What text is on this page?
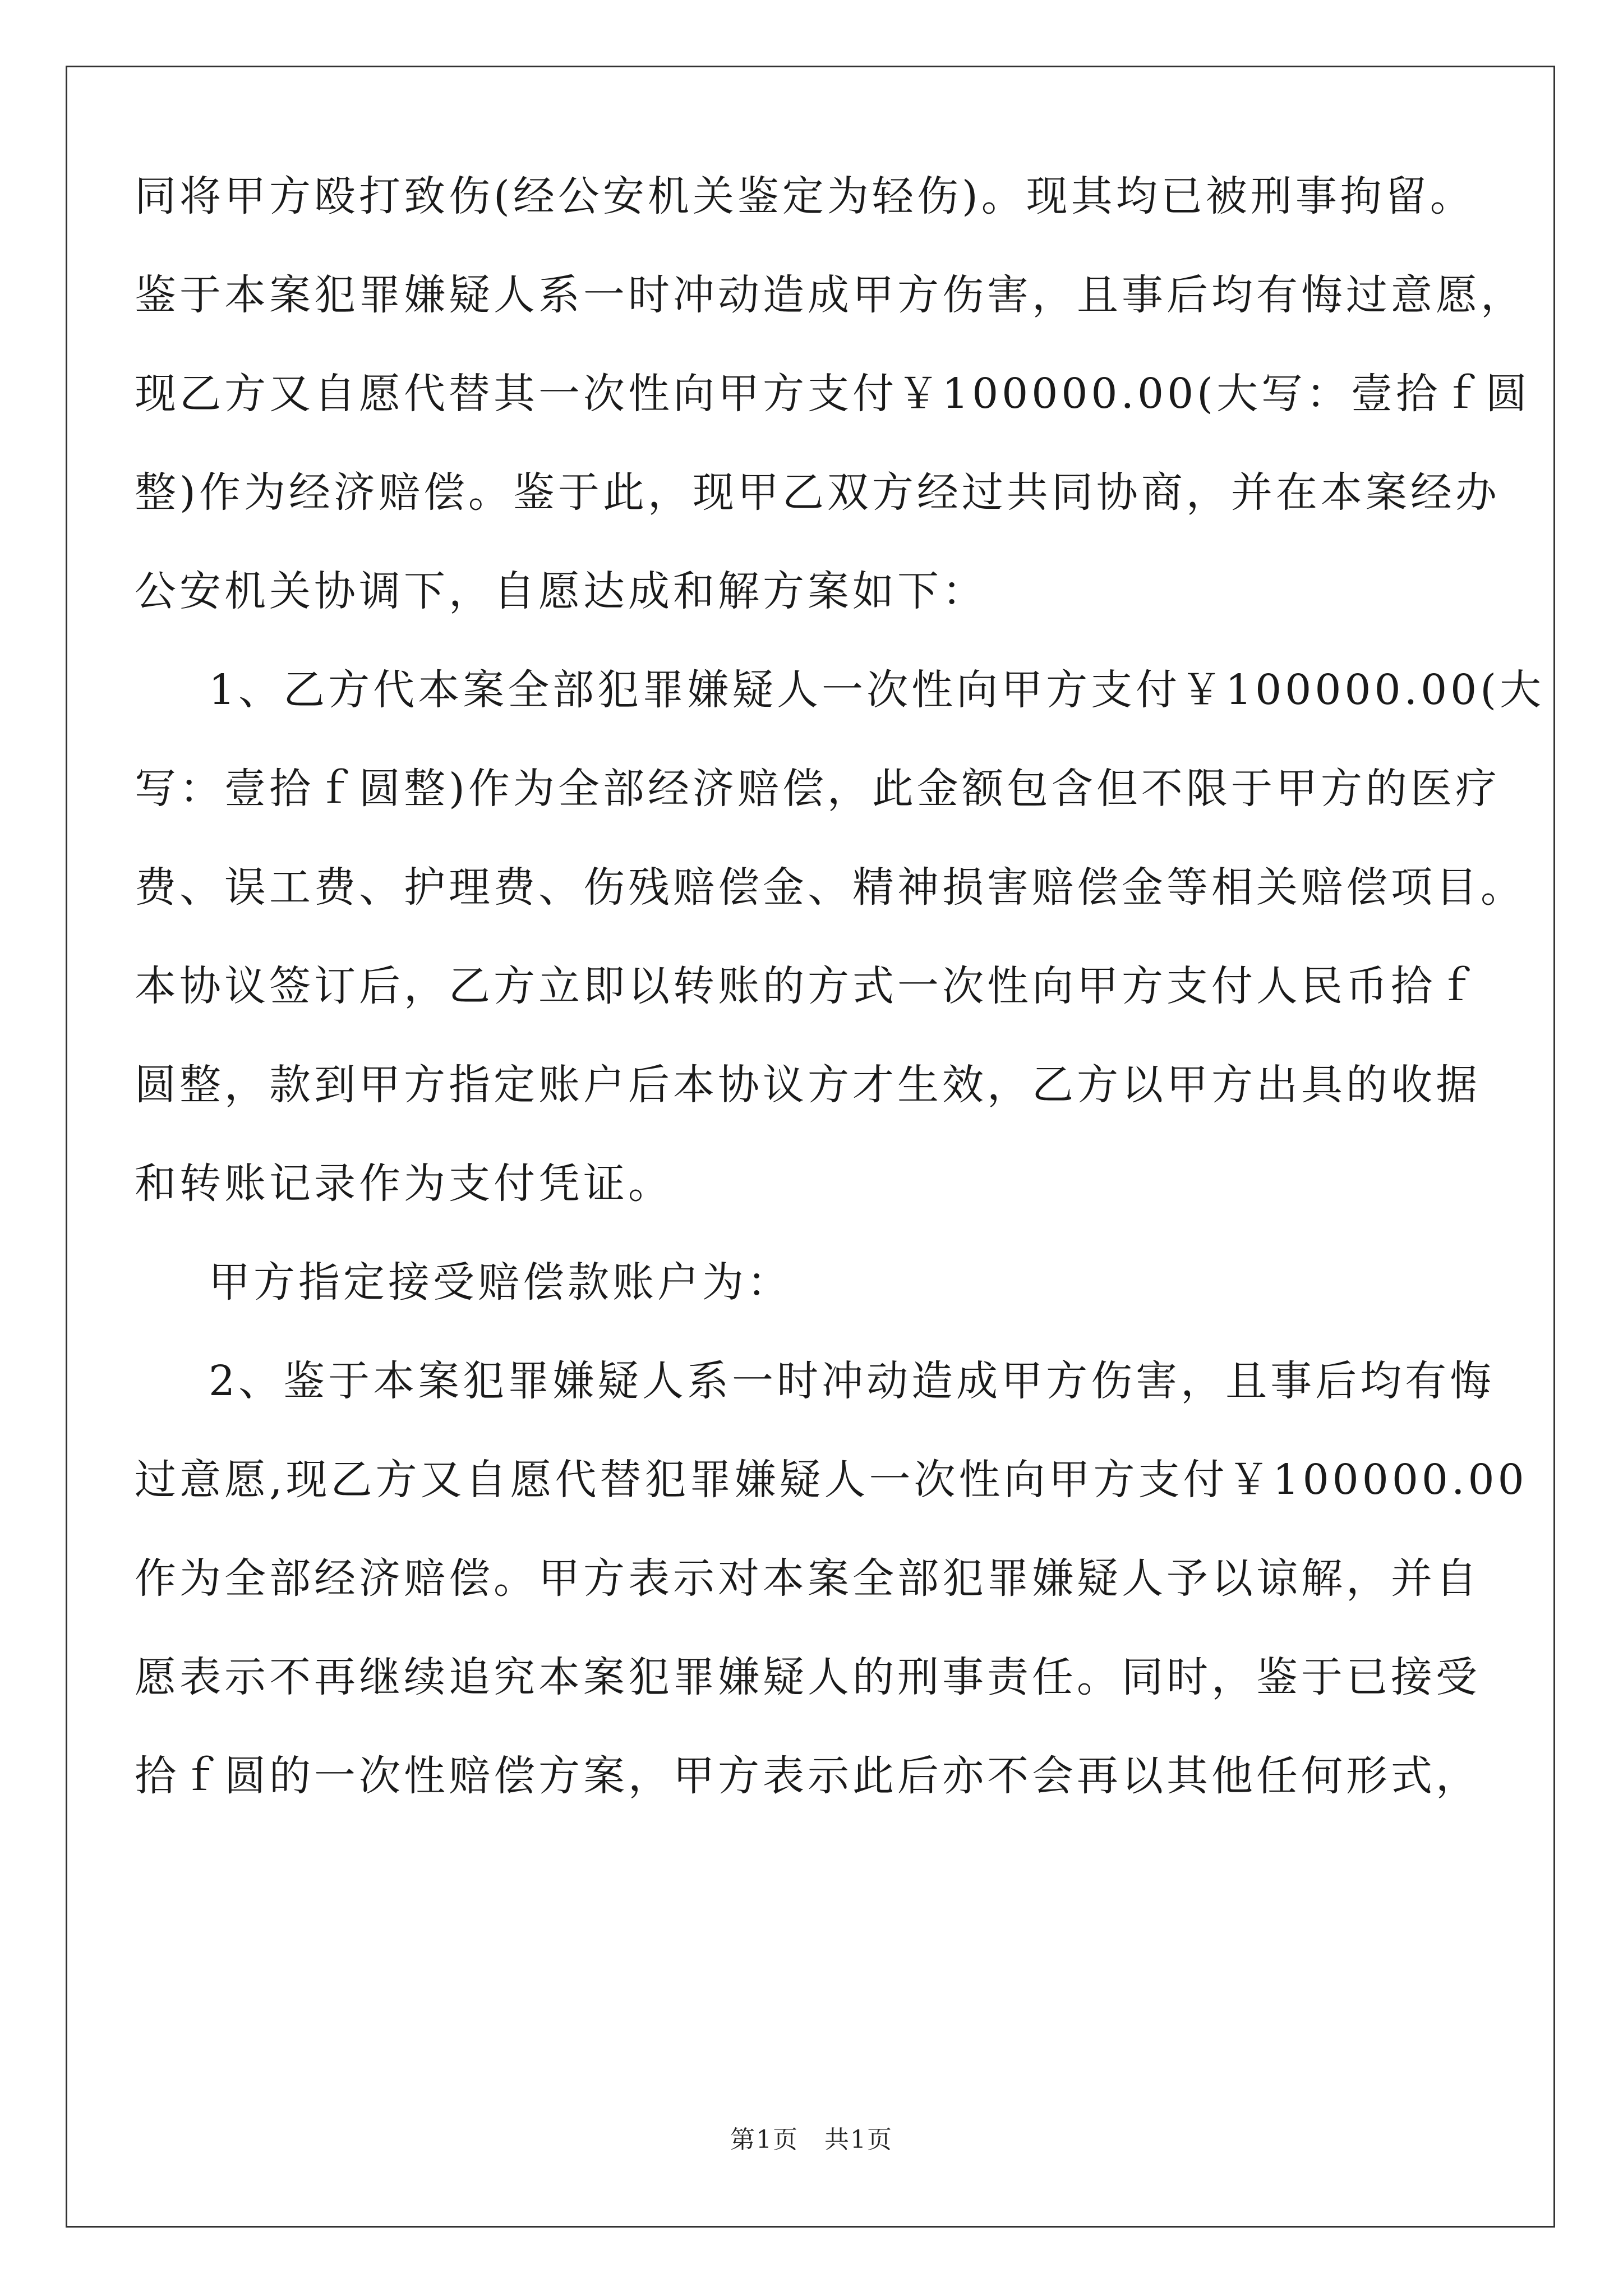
同将甲方殴打致伤(经公安机关鉴定为轻伤)。现其均已被刑事拘留。
鉴于本案犯罪嫌疑人系一时冲动造成甲方伤害，且事后均有悔过意愿，
现乙方又自愿代替其一次性向甲方支付￥100000.00(大写：壹拾ｆ圆
整)作为经济赔偿。鉴于此，现甲乙双方经过共同协商，并在本案经办
公安机关协调下，自愿达成和解方案如下：
1、乙方代本案全部犯罪嫌疑人一次性向甲方支付￥100000.00(大
写：壹拾ｆ圆整)作为全部经济赔偿，此金额包含但不限于甲方的医疗
费、误工费、护理费、伤残赔偿金、精神损害赔偿金等相关赔偿项目。
本协议签订后，乙方立即以转账的方式一次性向甲方支付人民币拾ｆ
圆整，款到甲方指定账户后本协议方才生效，乙方以甲方出具的收据
和转账记录作为支付凭证。
甲方指定接受赔偿款账户为：
2、鉴于本案犯罪嫌疑人系一时冲动造成甲方伤害，且事后均有悔
过意愿,现乙方又自愿代替犯罪嫌疑人一次性向甲方支付￥100000.00
作为全部经济赔偿。甲方表示对本案全部犯罪嫌疑人予以谅解，并自
愿表示不再继续追究本案犯罪嫌疑人的刑事责任。同时，鉴于已接受
拾ｆ圆的一次性赔偿方案，甲方表示此后亦不会再以其他任何形式，
第1页　共1页
